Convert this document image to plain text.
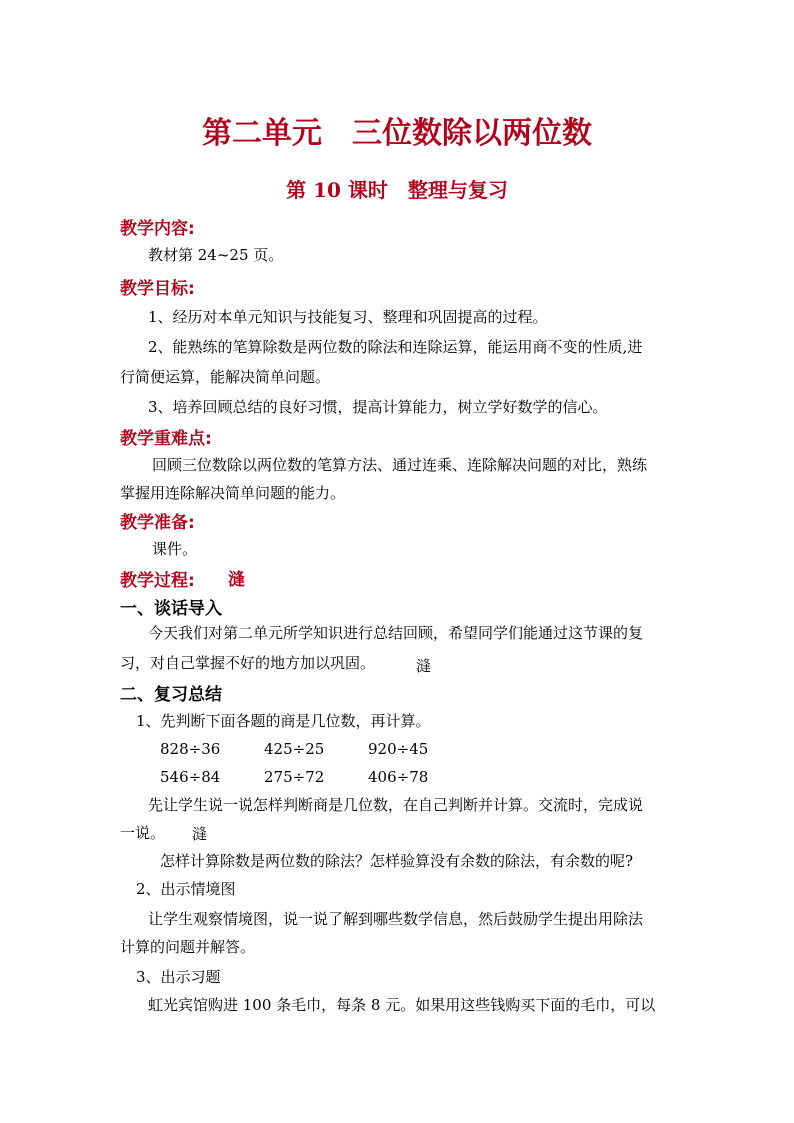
第二单元　三位数除以两位数
第 10 课时　整理与复习
教学内容:
教材第 24~25 页。
教学目标:
1、经历对本单元知识与技能复习、整理和巩固提高的过程。
2、能熟练的笔算除数是两位数的除法和连除运算，能运用商不变的性质,进
行简便运算，能解决简单问题。
3、培养回顾总结的良好习惯，提高计算能力，树立学好数学的信心。
教学重难点:
回顾三位数除以两位数的笔算方法、通过连乘、连除解决问题的对比，熟练
掌握用连除解决简单问题的能力。
教学准备:
课件。
教学过程: 漨
一、谈话导入
今天我们对第二单元所学知识进行总结回顾，希望同学们能通过这节课的复
习，对自己掌握不好的地方加以巩固。	漨
二、复习总结
1、先判断下面各题的商是几位数，再计算。
828÷36	425÷25	920÷45
546÷84	275÷72	406÷78
先让学生说一说怎样判断商是几位数，在自己判断并计算。交流时，完成说
一说。 漨
怎样计算除数是两位数的除法？怎样验算没有余数的除法，有余数的呢?
2、出示情境图
让学生观察情境图，说一说了解到哪些数学信息，然后鼓励学生提出用除法
计算的问题并解答。
3、出示习题
虹光宾馆购进 100 条毛巾，每条 8 元。如果用这些钱购买下面的毛巾，可以
